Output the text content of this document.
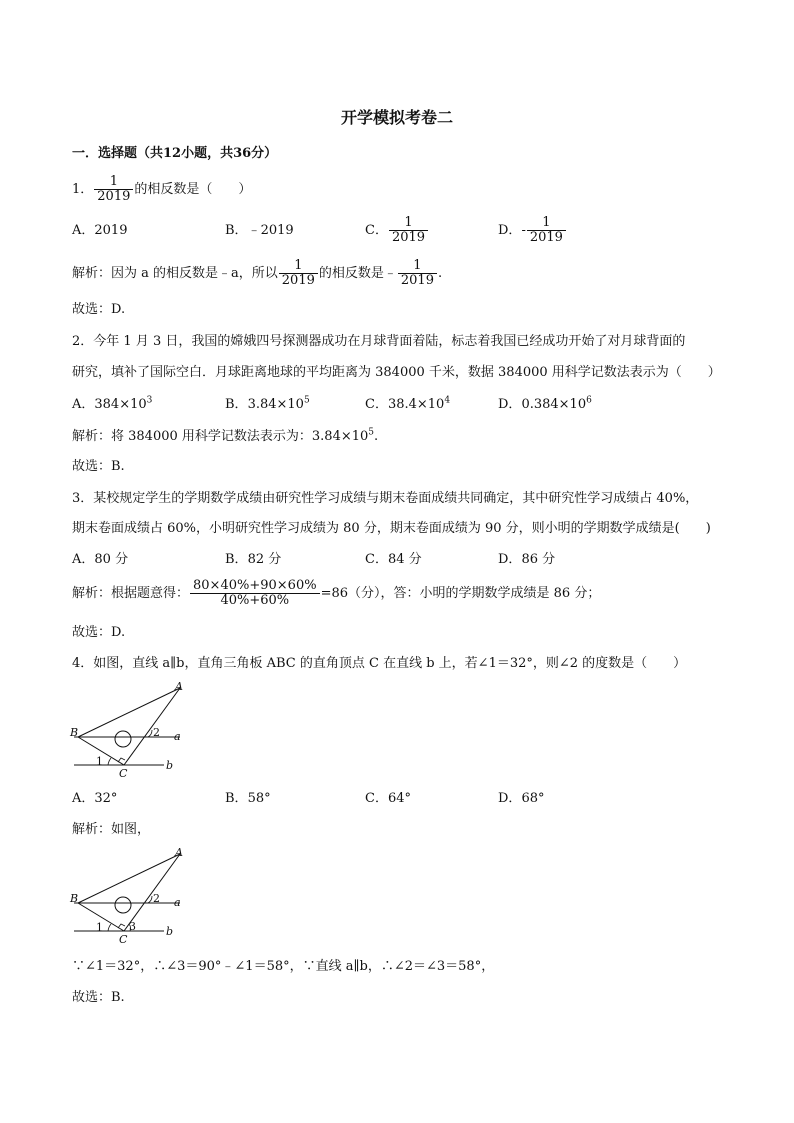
开学模拟考卷二
一．选择题（共12小题，共36分）
1． $\frac{1}{2019}$ 的相反数是（　　）
A．2019	B．﹣2019	C． $\frac{1}{2019}$	D．- $\frac{1}{2019}$
解析：因为 a 的相反数是﹣a，所以 $\frac{1}{2019}$ 的相反数是﹣ $\frac{1}{2019}$ .
故选：D.
2．今年 1 月 3 日，我国的嫦娥四号探测器成功在月球背面着陆，标志着我国已经成功开始了对月球背面的
研究，填补了国际空白．月球距离地球的平均距离为 384000 千米，数据 384000 用科学记数法表示为（　　）
A．$384\times 10^3$	B．$3.84\times 10^5$	C．$38.4\times 10^4$	D．$0.384\times 10^6$
解析：将 384000 用科学记数法表示为：$3.84\times 10^5$.
故选：B.
3．某校规定学生的学期数学成绩由研究性学习成绩与期末卷面成绩共同确定，其中研究性学习成绩占 40%，
期末卷面成绩占 60%，小明研究性学习成绩为 80 分，期末卷面成绩为 90 分，则小明的学期数学成绩是(　　)
A．80 分	B．82 分	C．84 分	D．86 分
解析：根据题意得： $\frac{80\times 40\%+90\times 60\%}{40\%+60\%} =86$（分），答：小明的学期数学成绩是 86 分；
故选：D.
4．如图，直线 a∥b，直角三角板 ABC 的直角顶点 C 在直线 b 上，若∠1＝32°，则∠2 的度数是（　　）
A
B
C
a
b
1
2
A．32°	B．58°	C．64°	D．68°
解析：如图，
A
B
C
a
b
1
2
3
∵∠1＝32°，∴∠3＝90°﹣∠1＝58°，∵直线 a∥b，∴∠2＝∠3＝58°，
故选：B.
